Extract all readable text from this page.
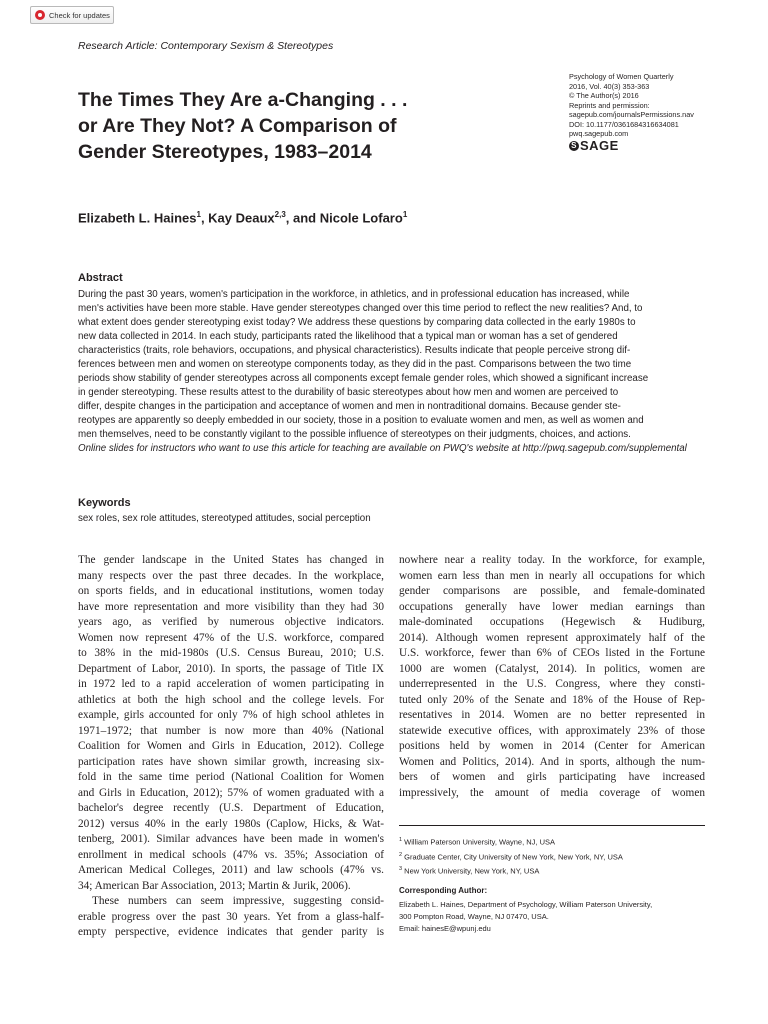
Check for updates
Research Article: Contemporary Sexism & Stereotypes
Psychology of Women Quarterly
2016, Vol. 40(3) 353-363
© The Author(s) 2016
Reprints and permission:
sagepub.com/journalsPermissions.nav
DOI: 10.1177/0361684316634081
pwq.sagepub.com
S SAGE
The Times They Are a-Changing . . .
or Are They Not? A Comparison of
Gender Stereotypes, 1983–2014
Elizabeth L. Haines$^1$, Kay Deaux$^{2,3}$, and Nicole Lofaro$^1$
Abstract
During the past 30 years, women's participation in the workforce, in athletics, and in professional education has increased, while
men's activities have been more stable. Have gender stereotypes changed over this time period to reflect the new realities? And, to
what extent does gender stereotyping exist today? We address these questions by comparing data collected in the early 1980s to
new data collected in 2014. In each study, participants rated the likelihood that a typical man or woman has a set of gendered
characteristics (traits, role behaviors, occupations, and physical characteristics). Results indicate that people perceive strong dif-
ferences between men and women on stereotype components today, as they did in the past. Comparisons between the two time
periods show stability of gender stereotypes across all components except female gender roles, which showed a significant increase
in gender stereotyping. These results attest to the durability of basic stereotypes about how men and women are perceived to
differ, despite changes in the participation and acceptance of women and men in nontraditional domains. Because gender ste-
reotypes are apparently so deeply embedded in our society, those in a position to evaluate women and men, as well as women and
men themselves, need to be constantly vigilant to the possible influence of stereotypes on their judgments, choices, and actions.
Online slides for instructors who want to use this article for teaching are available on PWQ's website at http://pwq.sagepub.com/supplemental
Keywords
sex roles, sex role attitudes, stereotyped attitudes, social perception
The gender landscape in the United States has changed in
many respects over the past three decades. In the workplace,
on sports fields, and in educational institutions, women today
have more representation and more visibility than they had 30
years ago, as verified by numerous objective indicators.
Women now represent 47% of the U.S. workforce, compared
to 38% in the mid-1980s (U.S. Census Bureau, 2010; U.S.
Department of Labor, 2010). In sports, the passage of Title IX
in 1972 led to a rapid acceleration of women participating in
athletics at both the high school and the college levels. For
example, girls accounted for only 7% of high school athletes in
1971–1972; that number is now more than 40% (National
Coalition for Women and Girls in Education, 2012). College
participation rates have shown similar growth, increasing six-
fold in the same time period (National Coalition for Women
and Girls in Education, 2012); 57% of women graduated with a
bachelor's degree recently (U.S. Department of Education,
2012) versus 40% in the early 1980s (Caplow, Hicks, & Wat-
tenberg, 2001). Similar advances have been made in women's
enrollment in medical schools (47% vs. 35%; Association of
American Medical Colleges, 2011) and law schools (47% vs.
34; American Bar Association, 2013; Martin & Jurik, 2006).
These numbers can seem impressive, suggesting consid-
erable progress over the past 30 years. Yet from a glass-half-
empty perspective, evidence indicates that gender parity is
nowhere near a reality today. In the workforce, for example,
women earn less than men in nearly all occupations for which
gender comparisons are possible, and female-dominated
occupations generally have lower median earnings than
male-dominated occupations (Hegewisch & Hudiburg,
2014). Although women represent approximately half of the
U.S. workforce, fewer than 6% of CEOs listed in the Fortune
1000 are women (Catalyst, 2014). In politics, women are
underrepresented in the U.S. Congress, where they consti-
tuted only 20% of the Senate and 18% of the House of Rep-
resentatives in 2014. Women are no better represented in
statewide executive offices, with approximately 23% of those
positions held by women in 2014 (Center for American
Women and Politics, 2014). And in sports, although the num-
bers of women and girls participating have increased
impressively, the amount of media coverage of women
$^1$ William Paterson University, Wayne, NJ, USA
$^2$ Graduate Center, City University of New York, New York, NY, USA
$^3$ New York University, New York, NY, USA
Corresponding Author:
Elizabeth L. Haines, Department of Psychology, William Paterson University,
300 Pompton Road, Wayne, NJ 07470, USA.
Email: hainesE@wpunj.edu
